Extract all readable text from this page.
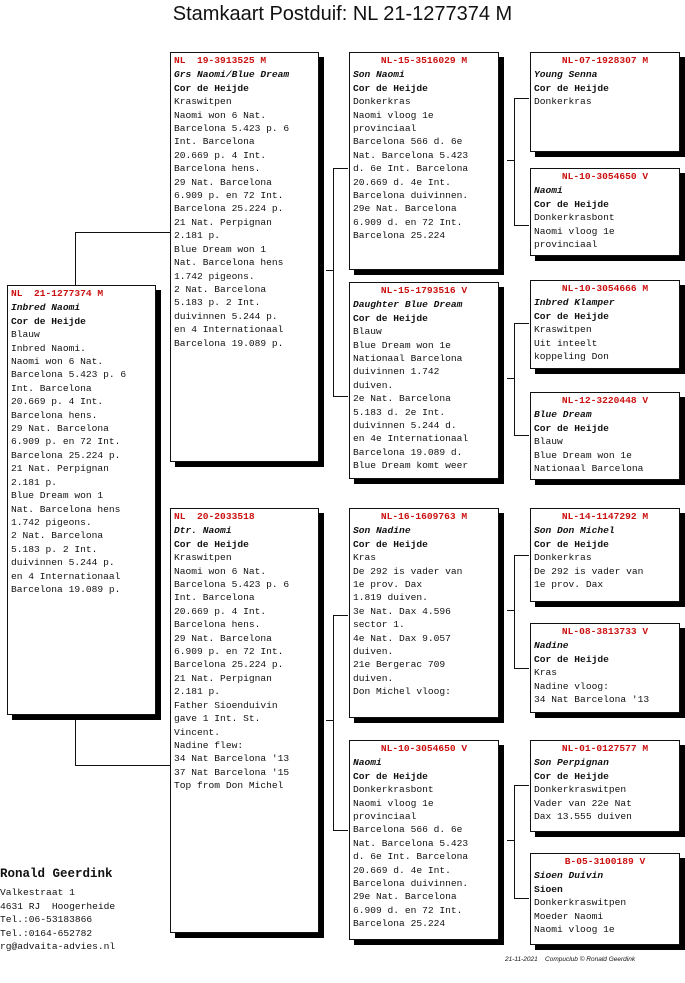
Stamkaart Postduif: NL 21-1277374 M
NL  21-1277374 M
Inbred Naomi
Cor de Heijde
Blauw
Inbred Naomi.
Naomi won 6 Nat.
Barcelona 5.423 p. 6
Int. Barcelona
20.669 p. 4 Int.
Barcelona hens.
29 Nat. Barcelona
6.909 p. en 72 Int.
Barcelona 25.224 p.
21 Nat. Perpignan
2.181 p.
Blue Dream won 1
Nat. Barcelona hens
1.742 pigeons.
2 Nat. Barcelona
5.183 p. 2 Int.
duivinnen 5.244 p.
en 4 Internationaal
Barcelona 19.089 p.
NL  19-3913525 M
Grs Naomi/Blue Dream
Cor de Heijde
Kraswitpen
Naomi won 6 Nat.
Barcelona 5.423 p. 6
Int. Barcelona
20.669 p. 4 Int.
Barcelona hens.
29 Nat. Barcelona
6.909 p. en 72 Int.
Barcelona 25.224 p.
21 Nat. Perpignan
2.181 p.
Blue Dream won 1
Nat. Barcelona hens
1.742 pigeons.
2 Nat. Barcelona
5.183 p. 2 Int.
duivinnen 5.244 p.
en 4 Internationaal
Barcelona 19.089 p.
NL  20-2033518
Dtr. Naomi
Cor de Heijde
Kraswitpen
Naomi won 6 Nat.
Barcelona 5.423 p. 6
Int. Barcelona
20.669 p. 4 Int.
Barcelona hens.
29 Nat. Barcelona
6.909 p. en 72 Int.
Barcelona 25.224 p.
21 Nat. Perpignan
2.181 p.
Father Sioenduivin
gave 1 Int. St.
Vincent.
Nadine flew:
34 Nat Barcelona '13
37 Nat Barcelona '15
Top from Don Michel
NL-15-3516029 M
Son Naomi
Cor de Heijde
Donkerkras
Naomi vloog 1e
provinciaal
Barcelona 566 d. 6e
Nat. Barcelona 5.423
d. 6e Int. Barcelona
20.669 d. 4e Int.
Barcelona duivinnen.
29e Nat. Barcelona
6.909 d. en 72 Int.
Barcelona 25.224
NL-15-1793516 V
Daughter Blue Dream
Cor de Heijde
Blauw
Blue Dream won 1e
Nationaal Barcelona
duivinnen 1.742
duiven.
2e Nat. Barcelona
5.183 d. 2e Int.
duivinnen 5.244 d.
en 4e Internationaal
Barcelona 19.089 d.
Blue Dream komt weer
NL-16-1609763 M
Son Nadine
Cor de Heijde
Kras
De 292 is vader van
1e prov. Dax
1.819 duiven.
3e Nat. Dax 4.596
sector 1.
4e Nat. Dax 9.057
duiven.
21e Bergerac 709
duiven.
Don Michel vloog:
NL-10-3054650 V
Naomi
Cor de Heijde
Donkerkrasbont
Naomi vloog 1e
provinciaal
Barcelona 566 d. 6e
Nat. Barcelona 5.423
d. 6e Int. Barcelona
20.669 d. 4e Int.
Barcelona duivinnen.
29e Nat. Barcelona
6.909 d. en 72 Int.
Barcelona 25.224
NL-07-1928307 M
Young Senna
Cor de Heijde
Donkerkras
NL-10-3054650 V
Naomi
Cor de Heijde
Donkerkrasbont
Naomi vloog 1e
provinciaal
NL-10-3054666 M
Inbred Klamper
Cor de Heijde
Kraswitpen
Uit inteelt
koppeling Don
NL-12-3220448 V
Blue Dream
Cor de Heijde
Blauw
Blue Dream won 1e
Nationaal Barcelona
NL-14-1147292 M
Son Don Michel
Cor de Heijde
Donkerkras
De 292 is vader van
1e prov. Dax
NL-08-3813733 V
Nadine
Cor de Heijde
Kras
Nadine vloog:
34 Nat Barcelona '13
NL-01-0127577 M
Son Perpignan
Cor de Heijde
Donkerkraswitpen
Vader van 22e Nat
Dax 13.555 duiven
B-05-3100189 V
Sioen Duivin
Sioen
Donkerkraswitpen
Moeder Naomi
Naomi vloog 1e
Ronald Geerdink
Valkestraat 1
4631 RJ  Hoogerheide
Tel.:06-53183866
Tel.:0164-652782
rg@advaita-advies.nl
21-11-2021 Compuclub © Ronald Geerdink
